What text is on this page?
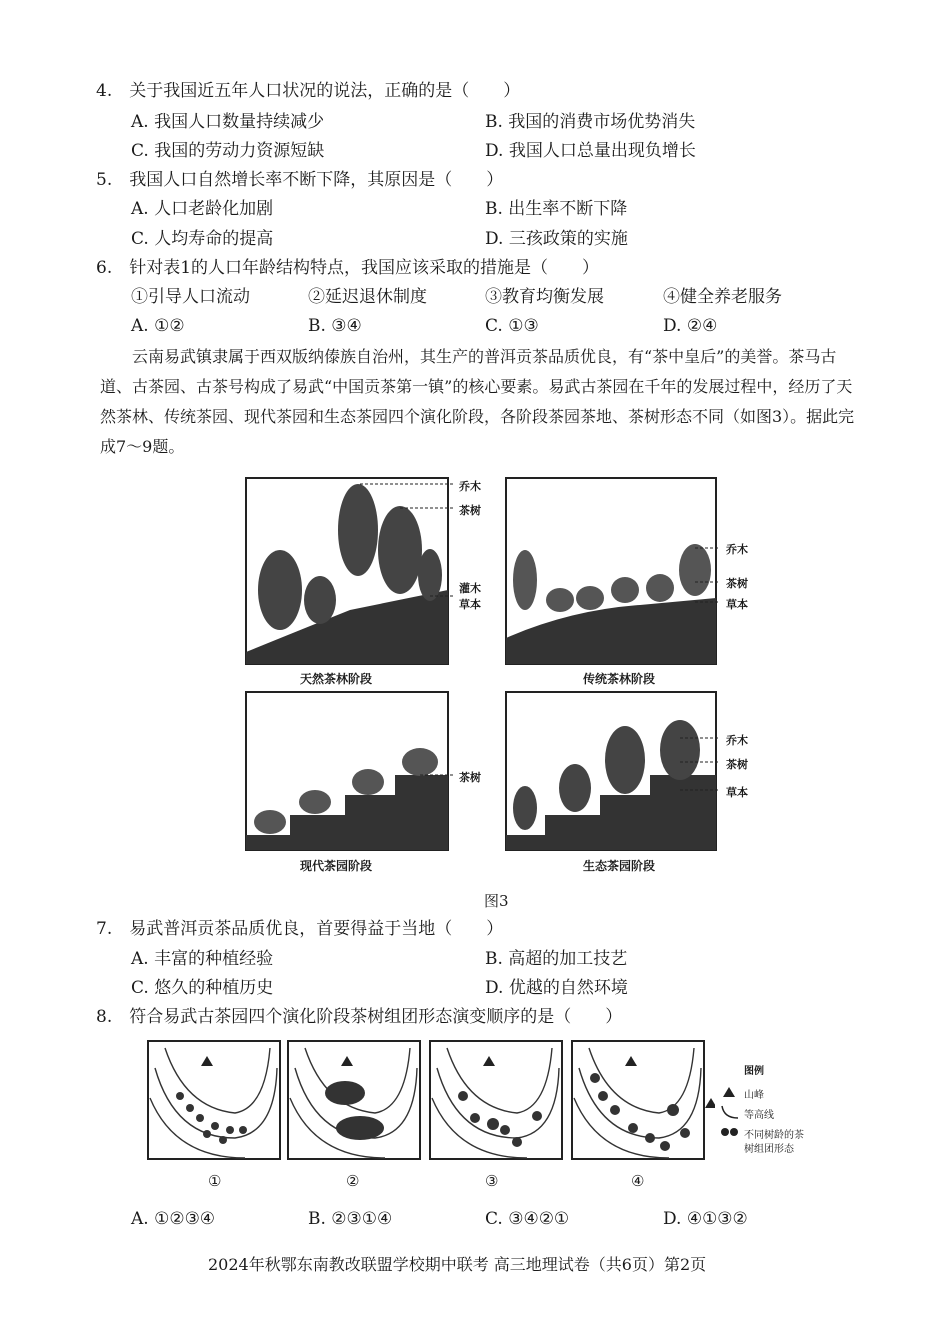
4.　关于我国近五年人口状况的说法，正确的是（　　）
A. 我国人口数量持续减少	B. 我国的消费市场优势消失
C. 我国的劳动力资源短缺	D. 我国人口总量出现负增长
5.　我国人口自然增长率不断下降，其原因是（　　）
A. 人口老龄化加剧	B. 出生率不断下降
C. 人均寿命的提高	D. 三孩政策的实施
6.　针对表1的人口年龄结构特点，我国应该采取的措施是（　　）
①引导人口流动	②延迟退休制度	③教育均衡发展	④健全养老服务
A. ①②	B. ③④	C. ①③	D. ②④
云南易武镇隶属于西双版纳傣族自治州，其生产的普洱贡茶品质优良，有“茶中皇后”的美誉。茶马古道、古茶园、古茶号构成了易武“中国贡茶第一镇”的核心要素。易武古茶园在千年的发展过程中，经历了天然茶林、传统茶园、现代茶园和生态茶园四个演化阶段，各阶段茶园茶地、茶树形态不同（如图3）。据此完成7～9题。
乔木
茶树
灌木
草本
天然茶林阶段
乔木
茶树
草本
传统茶林阶段
茶树
现代茶园阶段
乔木
茶树
草本
生态茶园阶段
图3
7.　易武普洱贡茶品质优良，首要得益于当地（　　）
A. 丰富的种植经验	B. 高超的加工技艺
C. 悠久的种植历史	D. 优越的自然环境
8.　符合易武古茶园四个演化阶段茶树组团形态演变顺序的是（　　）
①	②	③	④
图例
山峰
等高线
不同树龄的茶
树组团形态
A. ①②③④	B. ②③①④	C. ③④②①	D. ④①③②
2024年秋鄂东南教改联盟学校期中联考 高三地理试卷（共6页）第2页
